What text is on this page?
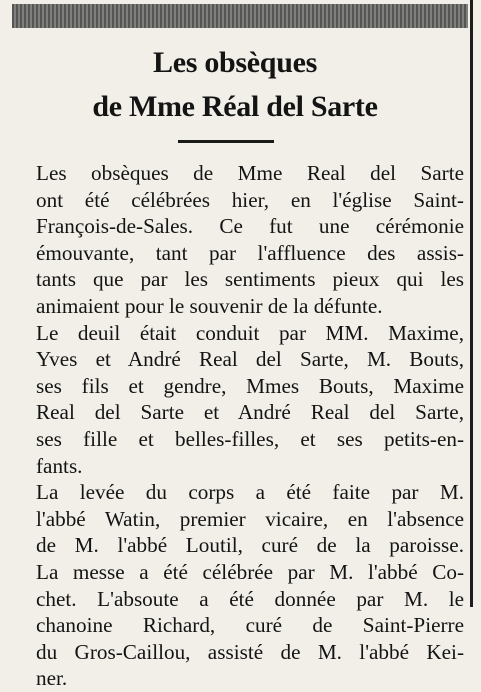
Les obsèques
de Mme Réal del Sarte

Les obsèques de Mme Real del Sarte
ont été célébrées hier, en l'église Saint-
François-de-Sales. Ce fut une cérémonie
émouvante, tant par l'affluence des assis-
tants que par les sentiments pieux qui les
animaient pour le souvenir de la défunte.

Le deuil était conduit par MM. Maxime,
Yves et André Real del Sarte, M. Bouts,
ses fils et gendre, Mmes Bouts, Maxime
Real del Sarte et André Real del Sarte,
ses fille et belles-filles, et ses petits-en-
fants.

La levée du corps a été faite par M.
l'abbé Watin, premier vicaire, en l'absence
de M. l'abbé Loutil, curé de la paroisse.
La messe a été célébrée par M. l'abbé Co-
chet. L'absoute a été donnée par M. le
chanoine Richard, curé de Saint-Pierre
du Gros-Caillou, assisté de M. l'abbé Kei-
ner.
